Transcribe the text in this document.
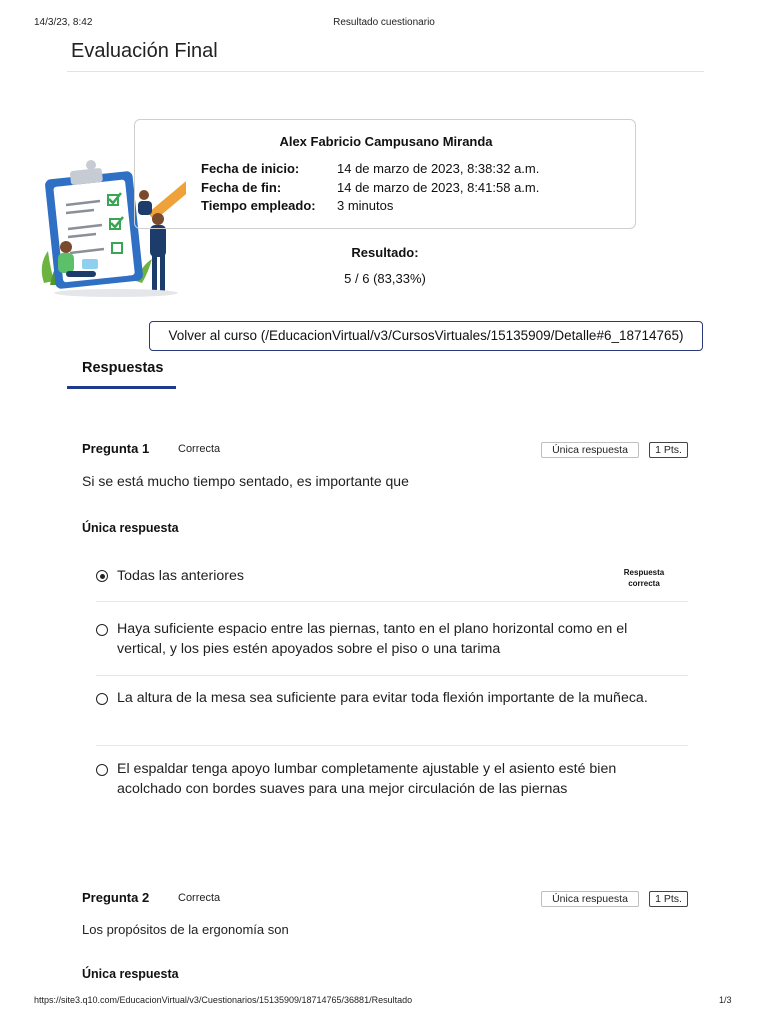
14/3/23, 8:42	Resultado cuestionario
Evaluación Final
Alex Fabricio Campusano Miranda
Fecha de inicio:	14 de marzo de 2023, 8:38:32 a.m.
Fecha de fin:	14 de marzo de 2023, 8:41:58 a.m.
Tiempo empleado: 3 minutos
Resultado:
5 / 6 (83,33%)
Volver al curso (/EducacionVirtual/v3/CursosVirtuales/15135909/Detalle#6_18714765)
Respuestas
Pregunta 1	Correcta	Única respuesta	1 Pts.
Si se está mucho tiempo sentado, es importante que
Única respuesta
Todas las anteriores	Respuesta correcta
Haya suficiente espacio entre las piernas, tanto en el plano horizontal como en el vertical, y los pies estén apoyados sobre el piso o una tarima
La altura de la mesa sea suficiente para evitar toda flexión importante de la muñeca.
El espaldar tenga apoyo lumbar completamente ajustable y el asiento esté bien acolchado con bordes suaves para una mejor circulación de las piernas
Pregunta 2	Correcta	Única respuesta	1 Pts.
Los propósitos de la ergonomía son
Única respuesta
https://site3.q10.com/EducacionVirtual/v3/Cuestionarios/15135909/18714765/36881/Resultado	1/3
